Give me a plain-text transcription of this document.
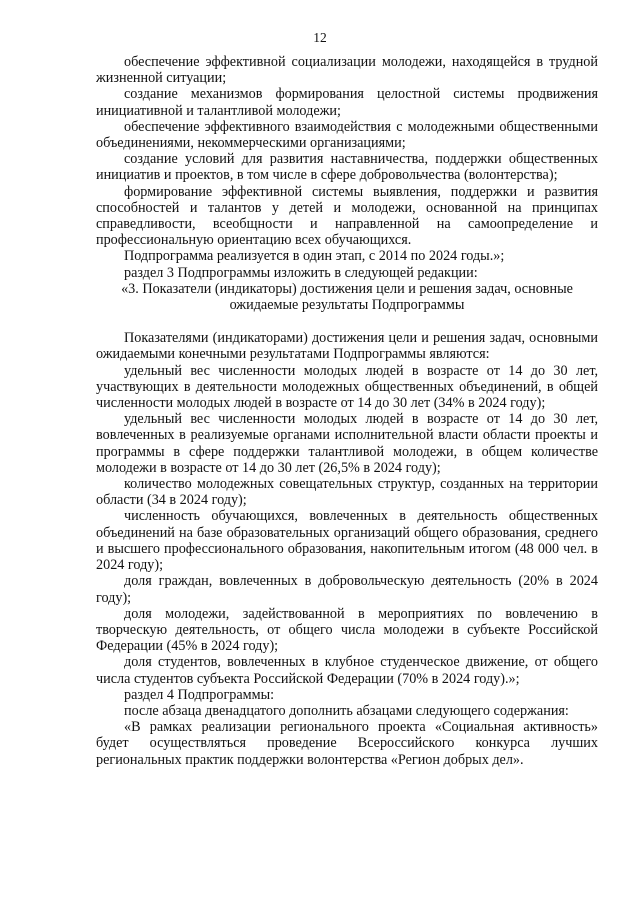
12

обеспечение эффективной социализации молодежи, находящейся в трудной жизненной ситуации;

создание механизмов формирования целостной системы продвижения инициативной и талантливой молодежи;

обеспечение эффективного взаимодействия с молодежными общественными объединениями, некоммерческими организациями;

создание условий для развития наставничества, поддержки общественных инициатив и проектов, в том числе в сфере добровольчества (волонтерства);

формирование эффективной системы выявления, поддержки и развития способностей и талантов у детей и молодежи, основанной на принципах справедливости, всеобщности и направленной на самоопределение и профессиональную ориентацию всех обучающихся.

Подпрограмма реализуется в один этап, с 2014 по 2024 годы.»;

раздел 3 Подпрограммы изложить в следующей редакции:

«3. Показатели (индикаторы) достижения цели и решения задач, основные ожидаемые результаты Подпрограммы

Показателями (индикаторами) достижения цели и решения задач, основными ожидаемыми конечными результатами Подпрограммы являются:

удельный вес численности молодых людей в возрасте от 14 до 30 лет, участвующих в деятельности молодежных общественных объединений, в общей численности молодых людей в возрасте от 14 до 30 лет (34% в 2024 году);

удельный вес численности молодых людей в возрасте от 14 до 30 лет, вовлеченных в реализуемые органами исполнительной власти области проекты и программы в сфере поддержки талантливой молодежи, в общем количестве молодежи в возрасте от 14 до 30 лет (26,5% в 2024 году);

количество молодежных совещательных структур, созданных на территории области (34 в 2024 году);

численность обучающихся, вовлеченных в деятельность общественных объединений на базе образовательных организаций общего образования, среднего и высшего профессионального образования, накопительным итогом (48 000 чел. в 2024 году);

доля граждан, вовлеченных в добровольческую деятельность (20% в 2024 году);

доля молодежи, задействованной в мероприятиях по вовлечению в творческую деятельность, от общего числа молодежи в субъекте Российской Федерации (45% в 2024 году);

доля студентов, вовлеченных в клубное студенческое движение, от общего числа студентов субъекта Российской Федерации (70% в 2024 году).»;

раздел 4 Подпрограммы:

после абзаца двенадцатого дополнить абзацами следующего содержания:

«В рамках реализации регионального проекта «Социальная активность» будет осуществляться проведение Всероссийского конкурса лучших региональных практик поддержки волонтерства «Регион добрых дел».
